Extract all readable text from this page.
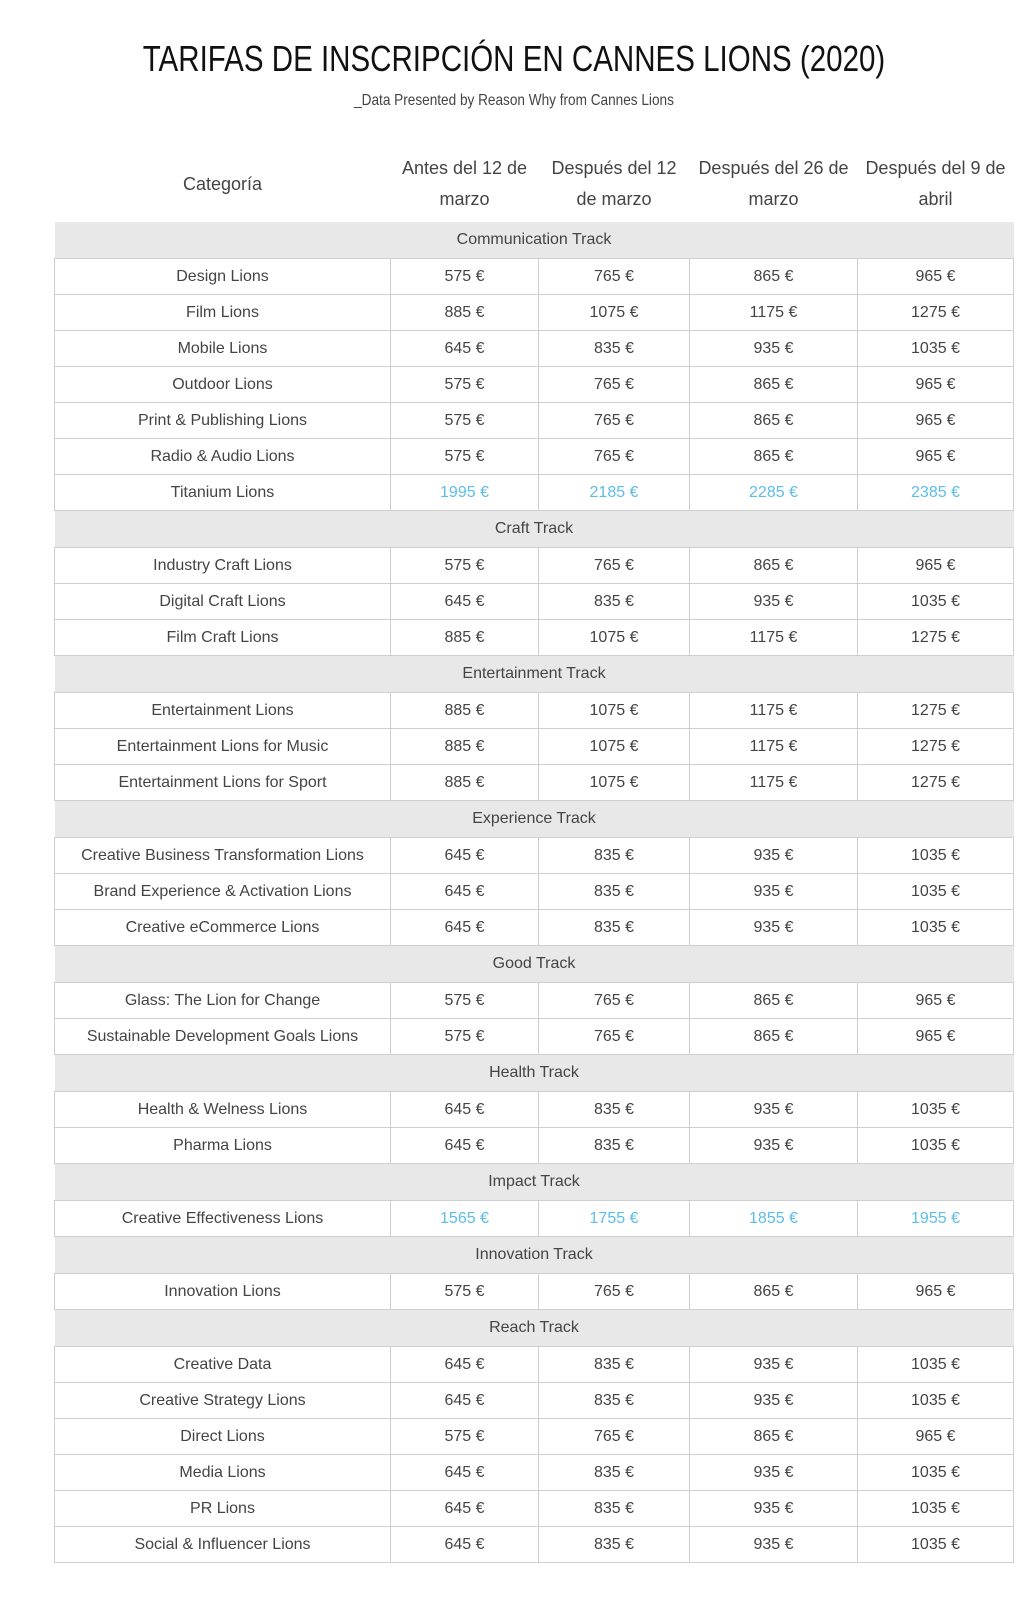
TARIFAS DE INSCRIPCIÓN EN CANNES LIONS (2020)
_Data Presented by Reason Why from Cannes Lions
Categoría	Antes del 12 de marzo	Después del 12 de marzo	Después del 26 de marzo	Después del 9 de abril
Communication Track				
Design Lions	575 €	765 €	865 €	965 €
Film Lions	885 €	1075 €	1175 €	1275 €
Mobile Lions	645 €	835 €	935 €	1035 €
Outdoor Lions	575 €	765 €	865 €	965 €
Print & Publishing Lions	575 €	765 €	865 €	965 €
Radio & Audio Lions	575 €	765 €	865 €	965 €
Titanium Lions	1995 €	2185 €	2285 €	2385 €
Craft Track				
Industry Craft Lions	575 €	765 €	865 €	965 €
Digital Craft Lions	645 €	835 €	935 €	1035 €
Film Craft Lions	885 €	1075 €	1175 €	1275 €
Entertainment Track				
Entertainment Lions	885 €	1075 €	1175 €	1275 €
Entertainment Lions for Music	885 €	1075 €	1175 €	1275 €
Entertainment Lions for Sport	885 €	1075 €	1175 €	1275 €
Experience Track				
Creative Business Transformation Lions	645 €	835 €	935 €	1035 €
Brand Experience & Activation Lions	645 €	835 €	935 €	1035 €
Creative eCommerce Lions	645 €	835 €	935 €	1035 €
Good Track				
Glass: The Lion for Change	575 €	765 €	865 €	965 €
Sustainable Development Goals Lions	575 €	765 €	865 €	965 €
Health Track				
Health & Welness Lions	645 €	835 €	935 €	1035 €
Pharma Lions	645 €	835 €	935 €	1035 €
Impact Track				
Creative Effectiveness Lions	1565 €	1755 €	1855 €	1955 €
Innovation Track				
Innovation Lions	575 €	765 €	865 €	965 €
Reach Track				
Creative Data	645 €	835 €	935 €	1035 €
Creative Strategy Lions	645 €	835 €	935 €	1035 €
Direct Lions	575 €	765 €	865 €	965 €
Media Lions	645 €	835 €	935 €	1035 €
PR Lions	645 €	835 €	935 €	1035 €
Social & Influencer Lions	645 €	835 €	935 €	1035 €
